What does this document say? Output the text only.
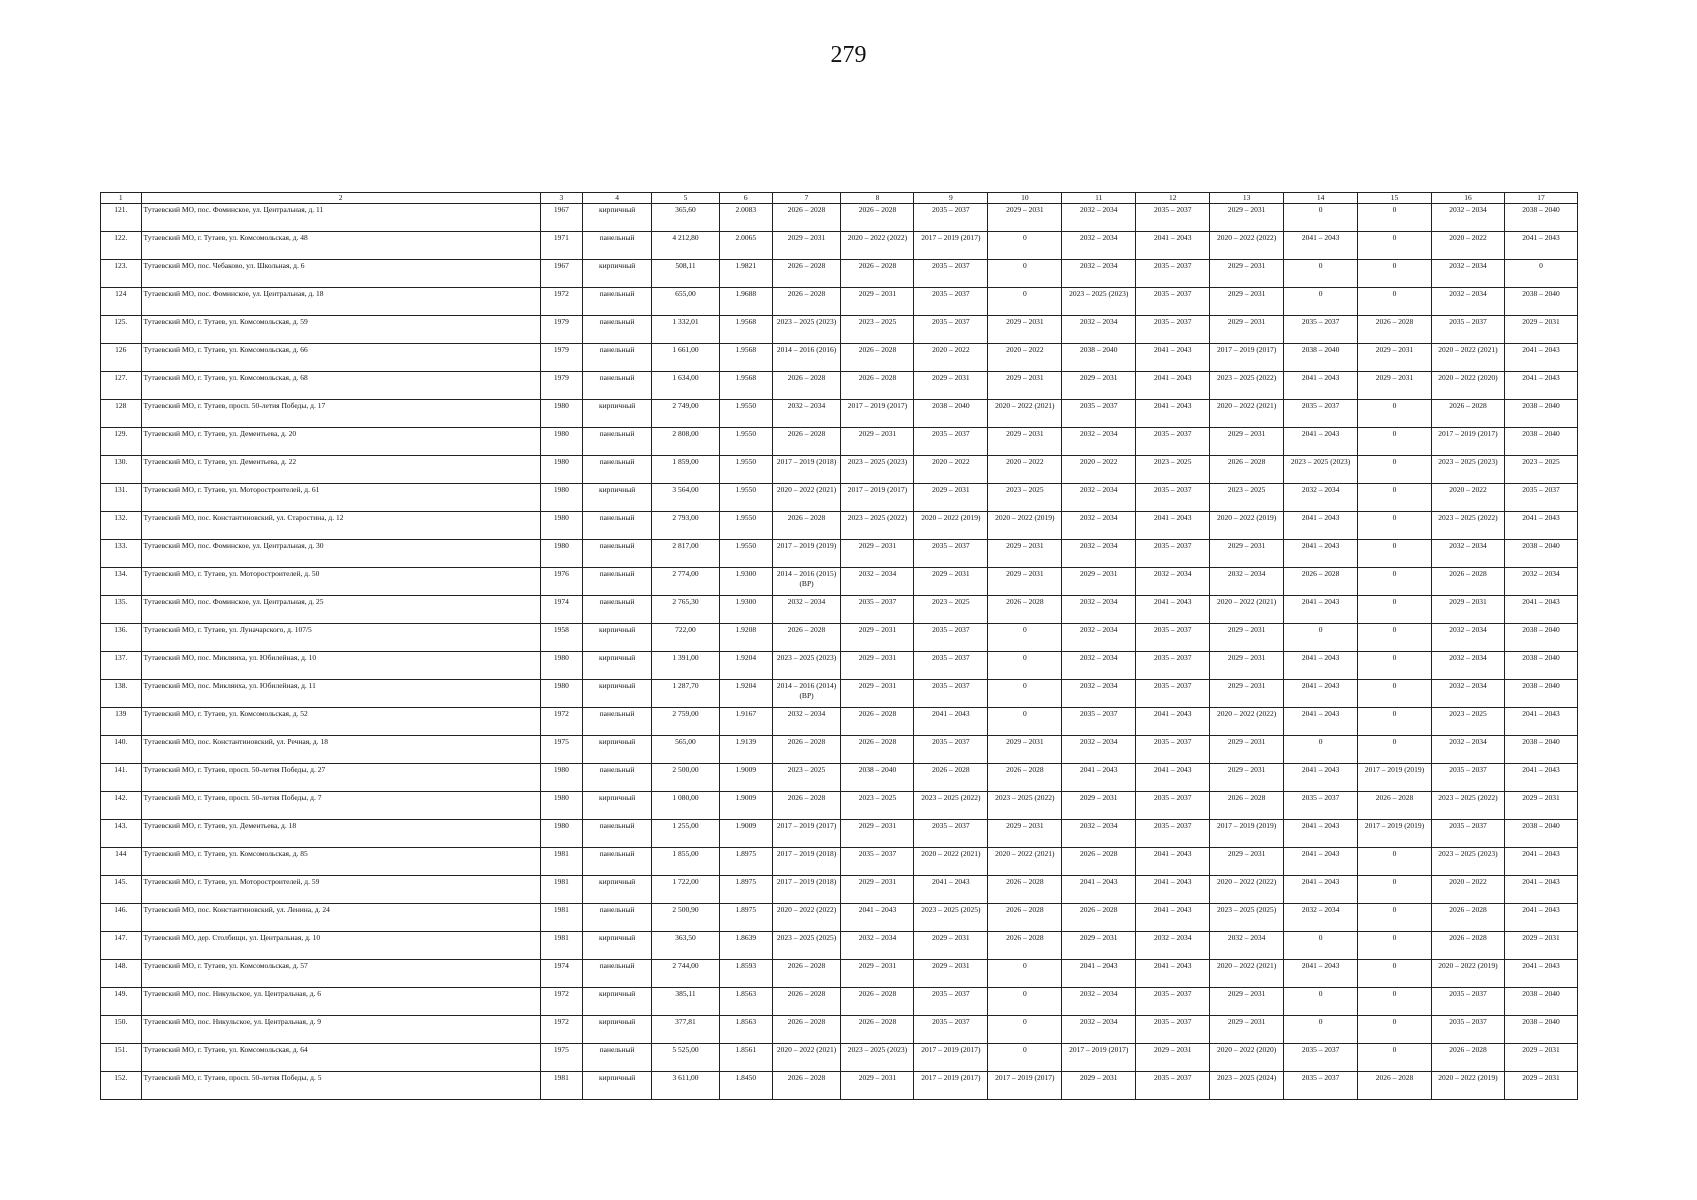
279
1	2	3	4	5	6	7	8	9	10	11	12	13	14	15	16	17
121.	Тутаевский МО, пос. Фоминское, ул. Центральная, д. 11	1967	кирпичный	365,60	2.0083	2026 – 2028	2026 – 2028	2035 – 2037	2029 – 2031	2032 – 2034	2035 – 2037	2029 – 2031	0	0	2032 – 2034	2038 – 2040
122.	Тутаевский МО, г. Тутаев, ул. Комсомольская, д. 48	1971	панельный	4 212,80	2.0065	2029 – 2031	2020 – 2022 (2022)	2017 – 2019 (2017)	0	2032 – 2034	2041 – 2043	2020 – 2022 (2022)	2041 – 2043	0	2020 – 2022	2041 – 2043
123.	Тутаевский МО, пос. Чебаково, ул. Школьная, д. 6	1967	кирпичный	508,11	1.9821	2026 – 2028	2026 – 2028	2035 – 2037	0	2032 – 2034	2035 – 2037	2029 – 2031	0	0	2032 – 2034	0
124	Тутаевский МО, пос. Фоминское, ул. Центральная, д. 18	1972	панельный	655,00	1.9688	2026 – 2028	2029 – 2031	2035 – 2037	0	2023 – 2025 (2023)	2035 – 2037	2029 – 2031	0	0	2032 – 2034	2038 – 2040
125.	Тутаевский МО, г. Тутаев, ул. Комсомольская, д. 59	1979	панельный	1 332,01	1.9568	2023 – 2025 (2023)	2023 – 2025	2035 – 2037	2029 – 2031	2032 – 2034	2035 – 2037	2029 – 2031	2035 – 2037	2026 – 2028	2035 – 2037	2029 – 2031
126	Тутаевский МО, г. Тутаев, ул. Комсомольская, д. 66	1979	панельный	1 661,00	1.9568	2014 – 2016 (2016)	2026 – 2028	2020 – 2022	2020 – 2022	2038 – 2040	2041 – 2043	2017 – 2019 (2017)	2038 – 2040	2029 – 2031	2020 – 2022 (2021)	2041 – 2043
127.	Тутаевский МО, г. Тутаев, ул. Комсомольская, д. 68	1979	панельный	1 634,00	1.9568	2026 – 2028	2026 – 2028	2029 – 2031	2029 – 2031	2029 – 2031	2041 – 2043	2023 – 2025 (2022)	2041 – 2043	2029 – 2031	2020 – 2022 (2020)	2041 – 2043
128	Тутаевский МО, г. Тутаев, просп. 50-летия Победы, д. 17	1980	кирпичный	2 749,00	1.9550	2032 – 2034	2017 – 2019 (2017)	2038 – 2040	2020 – 2022 (2021)	2035 – 2037	2041 – 2043	2020 – 2022 (2021)	2035 – 2037	0	2026 – 2028	2038 – 2040
129.	Тутаевский МО, г. Тутаев, ул. Дементьева, д. 20	1980	панельный	2 808,00	1.9550	2026 – 2028	2029 – 2031	2035 – 2037	2029 – 2031	2032 – 2034	2035 – 2037	2029 – 2031	2041 – 2043	0	2017 – 2019 (2017)	2038 – 2040
130.	Тутаевский МО, г. Тутаев, ул. Дементьева, д. 22	1980	панельный	1 859,00	1.9550	2017 – 2019 (2018)	2023 – 2025 (2023)	2020 – 2022	2020 – 2022	2020 – 2022	2023 – 2025	2026 – 2028	2023 – 2025 (2023)	0	2023 – 2025 (2023)	2023 – 2025
131.	Тутаевский МО, г. Тутаев, ул. Моторостроителей, д. 61	1980	кирпичный	3 564,00	1.9550	2020 – 2022 (2021)	2017 – 2019 (2017)	2029 – 2031	2023 – 2025	2032 – 2034	2035 – 2037	2023 – 2025	2032 – 2034	0	2020 – 2022	2035 – 2037
132.	Тутаевский МО, пос. Константиновский, ул. Старостина, д. 12	1980	панельный	2 793,00	1.9550	2026 – 2028	2023 – 2025 (2022)	2020 – 2022 (2019)	2020 – 2022 (2019)	2032 – 2034	2041 – 2043	2020 – 2022 (2019)	2041 – 2043	0	2023 – 2025 (2022)	2041 – 2043
133.	Тутаевский МО, пос. Фоминское, ул. Центральная, д. 30	1980	панельный	2 817,00	1.9550	2017 – 2019 (2019)	2029 – 2031	2035 – 2037	2029 – 2031	2032 – 2034	2035 – 2037	2029 – 2031	2041 – 2043	0	2032 – 2034	2038 – 2040
134.	Тутаевский МО, г. Тутаев, ул. Моторостроителей, д. 50	1976	панельный	2 774,00	1.9300	2014 – 2016 (2015) (ВР)	2032 – 2034	2029 – 2031	2029 – 2031	2029 – 2031	2032 – 2034	2032 – 2034	2026 – 2028	0	2026 – 2028	2032 – 2034
135.	Тутаевский МО, пос. Фоминское, ул. Центральная, д. 25	1974	панельный	2 765,30	1.9300	2032 – 2034	2035 – 2037	2023 – 2025	2026 – 2028	2032 – 2034	2041 – 2043	2020 – 2022 (2021)	2041 – 2043	0	2029 – 2031	2041 – 2043
136.	Тутаевский МО, г. Тутаев, ул. Луначарского, д. 107/5	1958	кирпичный	722,00	1.9208	2026 – 2028	2029 – 2031	2035 – 2037	0	2032 – 2034	2035 – 2037	2029 – 2031	0	0	2032 – 2034	2038 – 2040
137.	Тутаевский МО, пос. Микляиха, ул. Юбилейная, д. 10	1980	кирпичный	1 391,00	1.9204	2023 – 2025 (2023)	2029 – 2031	2035 – 2037	0	2032 – 2034	2035 – 2037	2029 – 2031	2041 – 2043	0	2032 – 2034	2038 – 2040
138.	Тутаевский МО, пос. Микляиха, ул. Юбилейная, д. 11	1980	кирпичный	1 287,70	1.9204	2014 – 2016 (2014) (ВР)	2029 – 2031	2035 – 2037	0	2032 – 2034	2035 – 2037	2029 – 2031	2041 – 2043	0	2032 – 2034	2038 – 2040
139	Тутаевский МО, г. Тутаев, ул. Комсомольская, д. 52	1972	панельный	2 759,00	1.9167	2032 – 2034	2026 – 2028	2041 – 2043	0	2035 – 2037	2041 – 2043	2020 – 2022 (2022)	2041 – 2043	0	2023 – 2025	2041 – 2043
140.	Тутаевский МО, пос. Константиновский, ул. Речная, д. 18	1975	кирпичный	565,00	1.9139	2026 – 2028	2026 – 2028	2035 – 2037	2029 – 2031	2032 – 2034	2035 – 2037	2029 – 2031	0	0	2032 – 2034	2038 – 2040
141.	Тутаевский МО, г. Тутаев, просп. 50-летия Победы, д. 27	1980	панельный	2 500,00	1.9009	2023 – 2025	2038 – 2040	2026 – 2028	2026 – 2028	2041 – 2043	2041 – 2043	2029 – 2031	2041 – 2043	2017 – 2019 (2019)	2035 – 2037	2041 – 2043
142.	Тутаевский МО, г. Тутаев, просп. 50-летия Победы, д. 7	1980	кирпичный	1 080,00	1.9009	2026 – 2028	2023 – 2025	2023 – 2025 (2022)	2023 – 2025 (2022)	2029 – 2031	2035 – 2037	2026 – 2028	2035 – 2037	2026 – 2028	2023 – 2025 (2022)	2029 – 2031
143.	Тутаевский МО, г. Тутаев, ул. Дементьева, д. 18	1980	панельный	1 255,00	1.9009	2017 – 2019 (2017)	2029 – 2031	2035 – 2037	2029 – 2031	2032 – 2034	2035 – 2037	2017 – 2019 (2019)	2041 – 2043	2017 – 2019 (2019)	2035 – 2037	2038 – 2040
144	Тутаевский МО, г. Тутаев, ул. Комсомольская, д. 85	1981	панельный	1 855,00	1.8975	2017 – 2019 (2018)	2035 – 2037	2020 – 2022 (2021)	2020 – 2022 (2021)	2026 – 2028	2041 – 2043	2029 – 2031	2041 – 2043	0	2023 – 2025 (2023)	2041 – 2043
145.	Тутаевский МО, г. Тутаев, ул. Моторостроителей, д. 59	1981	кирпичный	1 722,00	1.8975	2017 – 2019 (2018)	2029 – 2031	2041 – 2043	2026 – 2028	2041 – 2043	2041 – 2043	2020 – 2022 (2022)	2041 – 2043	0	2020 – 2022	2041 – 2043
146.	Тутаевский МО, пос. Константиновский, ул. Ленина, д. 24	1981	панельный	2 500,90	1.8975	2020 – 2022 (2022)	2041 – 2043	2023 – 2025 (2025)	2026 – 2028	2026 – 2028	2041 – 2043	2023 – 2025 (2025)	2032 – 2034	0	2026 – 2028	2041 – 2043
147.	Тутаевский МО, дер. Столбищи, ул. Центральная, д. 10	1981	кирпичный	363,50	1.8639	2023 – 2025 (2025)	2032 – 2034	2029 – 2031	2026 – 2028	2029 – 2031	2032 – 2034	2032 – 2034	0	0	2026 – 2028	2029 – 2031
148.	Тутаевский МО, г. Тутаев, ул. Комсомольская, д. 57	1974	панельный	2 744,00	1.8593	2026 – 2028	2029 – 2031	2029 – 2031	0	2041 – 2043	2041 – 2043	2020 – 2022 (2021)	2041 – 2043	0	2020 – 2022 (2019)	2041 – 2043
149.	Тутаевский МО, пос. Никульское, ул. Центральная, д. 6	1972	кирпичный	385,11	1.8563	2026 – 2028	2026 – 2028	2035 – 2037	0	2032 – 2034	2035 – 2037	2029 – 2031	0	0	2035 – 2037	2038 – 2040
150.	Тутаевский МО, пос. Никульское, ул. Центральная, д. 9	1972	кирпичный	377,81	1.8563	2026 – 2028	2026 – 2028	2035 – 2037	0	2032 – 2034	2035 – 2037	2029 – 2031	0	0	2035 – 2037	2038 – 2040
151.	Тутаевский МО, г. Тутаев, ул. Комсомольская, д. 64	1975	панельный	5 525,00	1.8561	2020 – 2022 (2021)	2023 – 2025 (2023)	2017 – 2019 (2017)	0	2017 – 2019 (2017)	2029 – 2031	2020 – 2022 (2020)	2035 – 2037	0	2026 – 2028	2029 – 2031
152.	Тутаевский МО, г. Тутаев, просп. 50-летия Победы, д. 5	1981	кирпичный	3 611,00	1.8450	2026 – 2028	2029 – 2031	2017 – 2019 (2017)	2017 – 2019 (2017)	2029 – 2031	2035 – 2037	2023 – 2025 (2024)	2035 – 2037	2026 – 2028	2020 – 2022 (2019)	2029 – 2031
